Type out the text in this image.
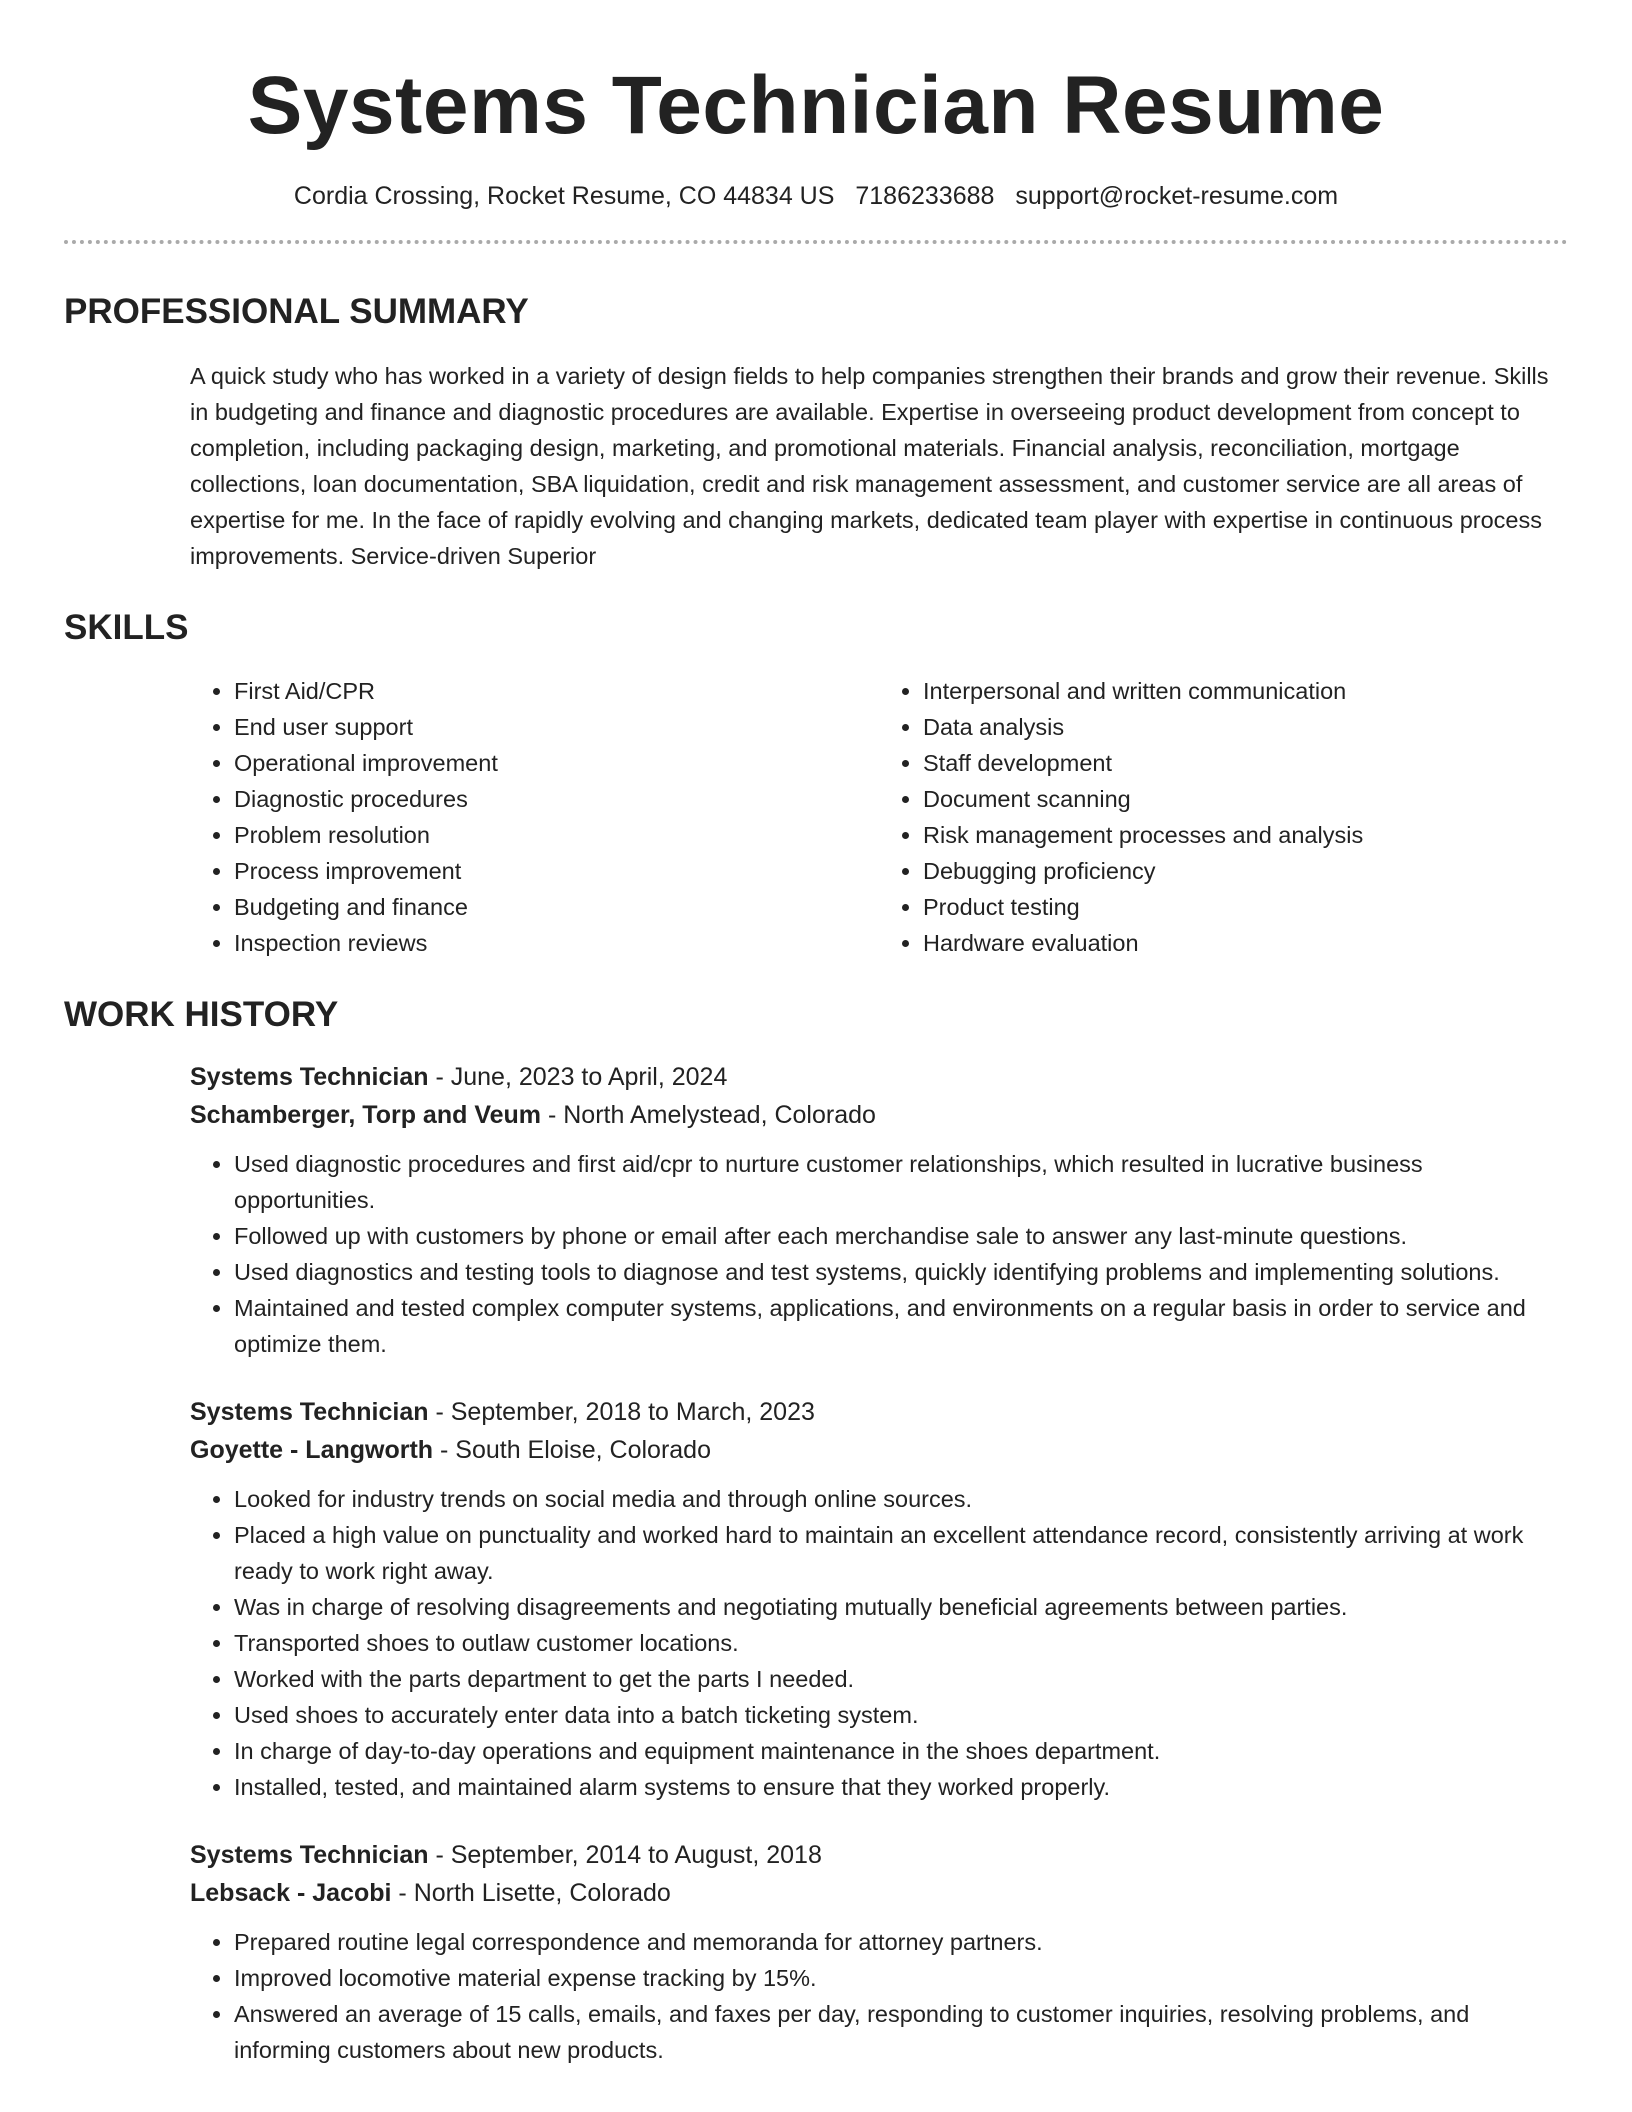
Systems Technician Resume
Cordia Crossing, Rocket Resume, CO 44834 US 7186233688 support@rocket-resume.com
PROFESSIONAL SUMMARY

A quick study who has worked in a variety of design fields to help companies strengthen their brands and grow their revenue. Skills in budgeting and finance and diagnostic procedures are available. Expertise in overseeing product development from concept to completion, including packaging design, marketing, and promotional materials. Financial analysis, reconciliation, mortgage collections, loan documentation, SBA liquidation, credit and risk management assessment, and customer service are all areas of expertise for me. In the face of rapidly evolving and changing markets, dedicated team player with expertise in continuous process improvements. Service-driven Superior

SKILLS
• First Aid/CPR
• End user support
• Operational improvement
• Diagnostic procedures
• Problem resolution
• Process improvement
• Budgeting and finance
• Inspection reviews
• Interpersonal and written communication
• Data analysis
• Staff development
• Document scanning
• Risk management processes and analysis
• Debugging proficiency
• Product testing
• Hardware evaluation
WORK HISTORY
Systems Technician - June, 2023 to April, 2024
Schamberger, Torp and Veum - North Amelystead, Colorado
• Used diagnostic procedures and first aid/cpr to nurture customer relationships, which resulted in lucrative business opportunities.
• Followed up with customers by phone or email after each merchandise sale to answer any last-minute questions.
• Used diagnostics and testing tools to diagnose and test systems, quickly identifying problems and implementing solutions.
• Maintained and tested complex computer systems, applications, and environments on a regular basis in order to service and optimize them.
Systems Technician - September, 2018 to March, 2023
Goyette - Langworth - South Eloise, Colorado
• Looked for industry trends on social media and through online sources.
• Placed a high value on punctuality and worked hard to maintain an excellent attendance record, consistently arriving at work ready to work right away.
• Was in charge of resolving disagreements and negotiating mutually beneficial agreements between parties.
• Transported shoes to outlaw customer locations.
• Worked with the parts department to get the parts I needed.
• Used shoes to accurately enter data into a batch ticketing system.
• In charge of day-to-day operations and equipment maintenance in the shoes department.
• Installed, tested, and maintained alarm systems to ensure that they worked properly.
Systems Technician - September, 2014 to August, 2018
Lebsack - Jacobi - North Lisette, Colorado
• Prepared routine legal correspondence and memoranda for attorney partners.
• Improved locomotive material expense tracking by 15%.
• Answered an average of 15 calls, emails, and faxes per day, responding to customer inquiries, resolving problems, and informing customers about new products.
